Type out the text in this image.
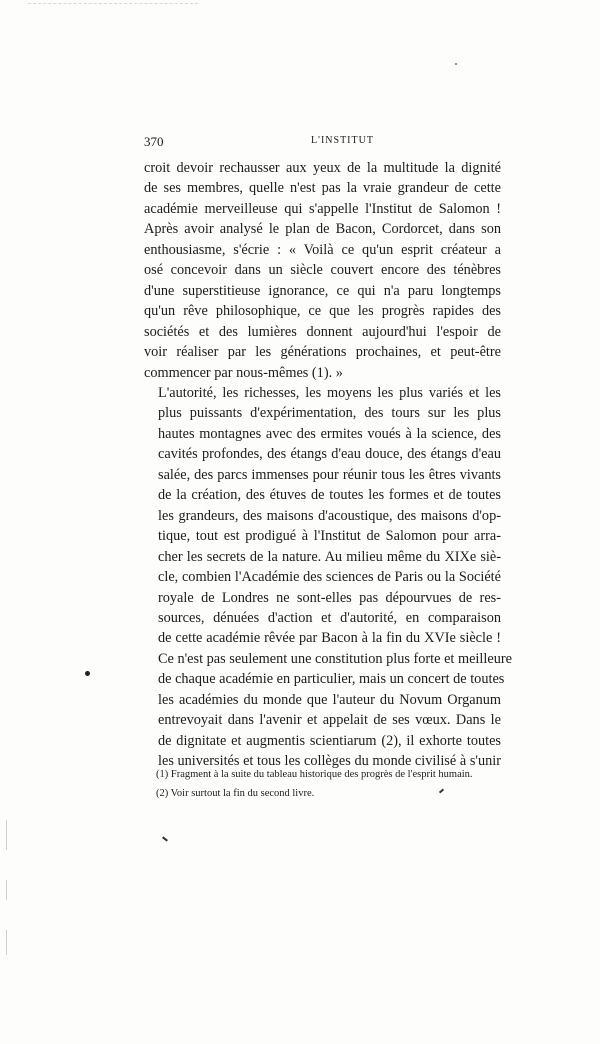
370	L'INSTITUT

croit devoir rechausser aux yeux de la multitude la dignité
de ses membres, quelle n'est pas la vraie grandeur de cette
académie merveilleuse qui s'appelle l'Institut de Salomon !
Après avoir analysé le plan de Bacon, Cordorcet, dans son
enthousiasme, s'écrie : « Voilà ce qu'un esprit créateur a
osé concevoir dans un siècle couvert encore des ténèbres
d'une superstitieuse ignorance, ce qui n'a paru longtemps
qu'un rêve philosophique, ce que les progrès rapides des
sociétés et des lumières donnent aujourd'hui l'espoir de
voir réaliser par les générations prochaines, et peut-être
commencer par nous-mêmes (1). »

L'autorité, les richesses, les moyens les plus variés et les
plus puissants d'expérimentation, des tours sur les plus
hautes montagnes avec des ermites voués à la science, des
cavités profondes, des étangs d'eau douce, des étangs d'eau
salée, des parcs immenses pour réunir tous les êtres vivants
de la création, des étuves de toutes les formes et de toutes
les grandeurs, des maisons d'acoustique, des maisons d'op-
tique, tout est prodigué à l'Institut de Salomon pour arra-
cher les secrets de la nature. Au milieu même du XIXe siè-
cle, combien l'Académie des sciences de Paris ou la Société
royale de Londres ne sont-elles pas dépourvues de res-
sources, dénuées d'action et d'autorité, en comparaison
de cette académie rêvée par Bacon à la fin du XVIe siècle !
Ce n'est pas seulement une constitution plus forte et meilleure
de chaque académie en particulier, mais un concert de toutes
les académies du monde que l'auteur du Novum Organum
entrevoyait dans l'avenir et appelait de ses vœux. Dans le
de dignitate et augmentis scientiarum (2), il exhorte toutes
les universités et tous les collèges du monde civilisé à s'unir

(1) Fragment à la suite du tableau historique des progrès de l'esprit humain.

(2) Voir surtout la fin du second livre.
